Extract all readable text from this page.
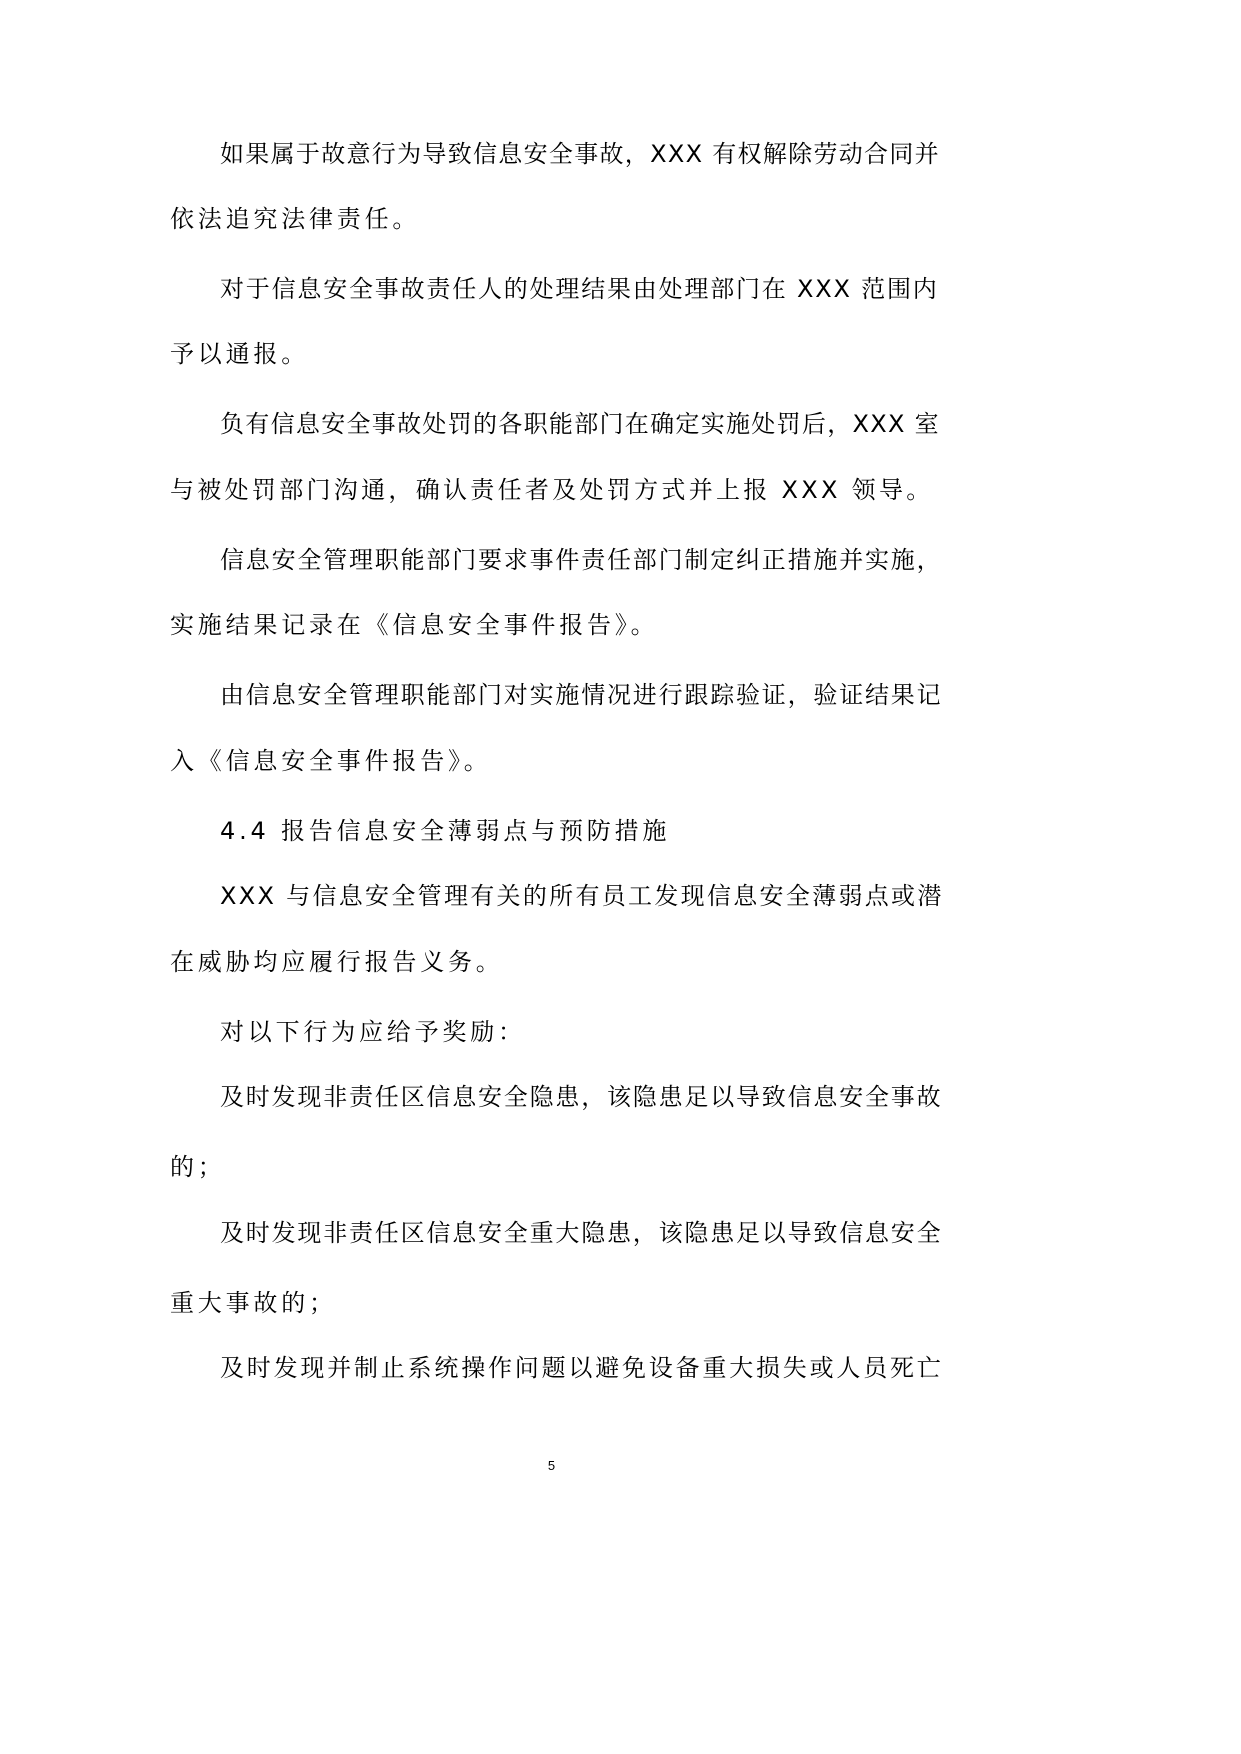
如果属于故意行为导致信息安全事故，XXX 有权解除劳动合同并
依法追究法律责任。
对于信息安全事故责任人的处理结果由处理部门在 XXX 范围内
予以通报。
负有信息安全事故处罚的各职能部门在确定实施处罚后，XXX 室
与被处罚部门沟通，确认责任者及处罚方式并上报 XXX 领导。
信息安全管理职能部门要求事件责任部门制定纠正措施并实施，
实施结果记录在《信息安全事件报告》。
由信息安全管理职能部门对实施情况进行跟踪验证，验证结果记
入《信息安全事件报告》。
4.4 报告信息安全薄弱点与预防措施
XXX 与信息安全管理有关的所有员工发现信息安全薄弱点或潜
在威胁均应履行报告义务。
对以下行为应给予奖励：
及时发现非责任区信息安全隐患，该隐患足以导致信息安全事故
的；
及时发现非责任区信息安全重大隐患，该隐患足以导致信息安全
重大事故的；
及时发现并制止系统操作问题以避免设备重大损失或人员死亡
5
